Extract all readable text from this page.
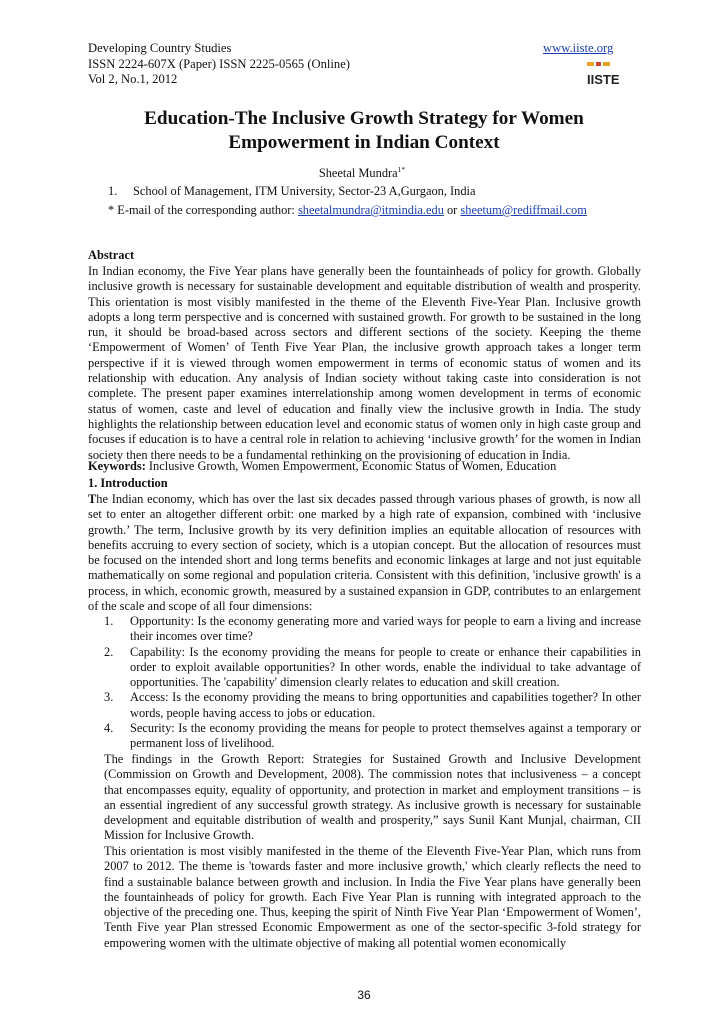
Developing Country Studies
ISSN 2224-607X (Paper) ISSN 2225-0565 (Online)
Vol 2, No.1, 2012
www.iiste.org
IISTE
Education-The Inclusive Growth Strategy for Women
Empowerment in Indian Context
Sheetal Mundra$^{1*}$
1. School of Management, ITM University, Sector-23 A,Gurgaon, India
* E-mail of the corresponding author: sheetalmundra@itmindia.edu or sheetum@rediffmail.com
Abstract
In Indian economy, the Five Year plans have generally been the fountainheads of policy for growth. Globally inclusive growth is necessary for sustainable development and equitable distribution of wealth and prosperity. This orientation is most visibly manifested in the theme of the Eleventh Five-Year Plan. Inclusive growth adopts a long term perspective and is concerned with sustained growth. For growth to be sustained in the long run, it should be broad-based across sectors and different sections of the society. Keeping the theme ‘Empowerment of Women’ of Tenth Five Year Plan, the inclusive growth approach takes a longer term perspective if it is viewed through women empowerment in terms of economic status of women and its relationship with education. Any analysis of Indian society without taking caste into consideration is not complete. The present paper examines interrelationship among women development in terms of economic status of women, caste and level of education and finally view the inclusive growth in India. The study highlights the relationship between education level and economic status of women only in high caste group and focuses if education is to have a central role in relation to achieving ‘inclusive growth’ for the women in Indian society then there needs to be a fundamental rethinking on the provisioning of education in India.
Keywords: Inclusive Growth, Women Empowerment, Economic Status of Women, Education
1. Introduction
The Indian economy, which has over the last six decades passed through various phases of growth, is now all set to enter an altogether different orbit: one marked by a high rate of expansion, combined with ‘inclusive growth.’ The term, Inclusive growth by its very definition implies an equitable allocation of resources with benefits accruing to every section of society, which is a utopian concept. But the allocation of resources must be focused on the intended short and long terms benefits and economic linkages at large and not just equitable mathematically on some regional and population criteria. Consistent with this definition, 'inclusive growth' is a process, in which, economic growth, measured by a sustained expansion in GDP, contributes to an enlargement of the scale and scope of all four dimensions:
1.	Opportunity: Is the economy generating more and varied ways for people to earn a living and increase their incomes over time?
2.	Capability: Is the economy providing the means for people to create or enhance their capabilities in order to exploit available opportunities? In other words, enable the individual to take advantage of opportunities. The 'capability' dimension clearly relates to education and skill creation.
3.	Access: Is the economy providing the means to bring opportunities and capabilities together? In other words, people having access to jobs or education.
4.	Security: Is the economy providing the means for people to protect themselves against a temporary or permanent loss of livelihood.
The findings in the Growth Report: Strategies for Sustained Growth and Inclusive Development (Commission on Growth and Development, 2008). The commission notes that inclusiveness – a concept that encompasses equity, equality of opportunity, and protection in market and employment transitions – is an essential ingredient of any successful growth strategy. As inclusive growth is necessary for sustainable development and equitable distribution of wealth and prosperity,” says Sunil Kant Munjal, chairman, CII Mission for Inclusive Growth.
This orientation is most visibly manifested in the theme of the Eleventh Five-Year Plan, which runs from 2007 to 2012. The theme is 'towards faster and more inclusive growth,' which clearly reflects the need to find a sustainable balance between growth and inclusion. In India the Five Year plans have generally been the fountainheads of policy for growth. Each Five Year Plan is running with integrated approach to the objective of the preceding one. Thus, keeping the spirit of Ninth Five Year Plan ‘Empowerment of Women’, Tenth Five year Plan stressed Economic Empowerment as one of the sector-specific 3-fold strategy for empowering women with the ultimate objective of making all potential women economically
36
